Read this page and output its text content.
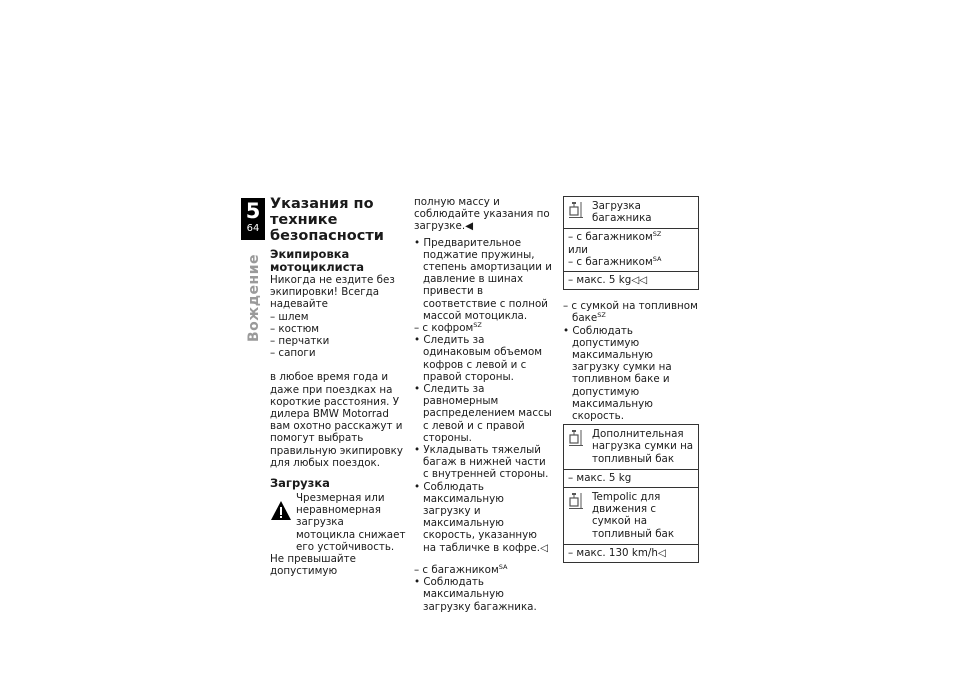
5
64
Вождение
Указания по технике безопасности
Экипировка мотоциклиста

Никогда не ездите без экипировки! Всегда надевайте

– шлем

– костюм

– перчатки

– сапоги

в любое время года и даже при поездках на короткие расстояния. У дилера BMW Motorrad вам охотно расскажут и помогут выбрать правильную экипировку для любых поездок.

Загрузка

Чрезмерная или неравномерная загрузка мотоцикла снижает его устойчивость.

Не превышайте допустимую

полную массу и соблюдайте указания по загрузке.◀

• Предварительное поджатие пружины, степень амортизации и давление в шинах привести в соответствие с полной массой мотоцикла.

– с кофром$^{SZ}$

• Следить за одинаковым объемом кофров с левой и с правой стороны.

• Следить за равномерным распределением массы с левой и с правой стороны.

• Укладывать тяжелый багаж в нижней части с внутренней стороны.

• Соблюдать максимальную загрузку и максимальную скорость, указанную на табличке в кофре.◁

– с багажником$^{SA}$

• Соблюдать максимальную загрузку багажника.

Загрузка багажника

– с багажником$^{SZ}$

или

– с багажником$^{SA}$

– макс. 5 kg◁◁

– с сумкой на топливном баке$^{SZ}$

• Соблюдать допустимую максимальную загрузку сумки на топливном баке и допустимую максимальную скорость.

Дополнительная нагрузка сумки на топливный бак

– макс. 5 kg

Tempolic для движения с сумкой на топливный бак

– макс. 130 km/h◁
